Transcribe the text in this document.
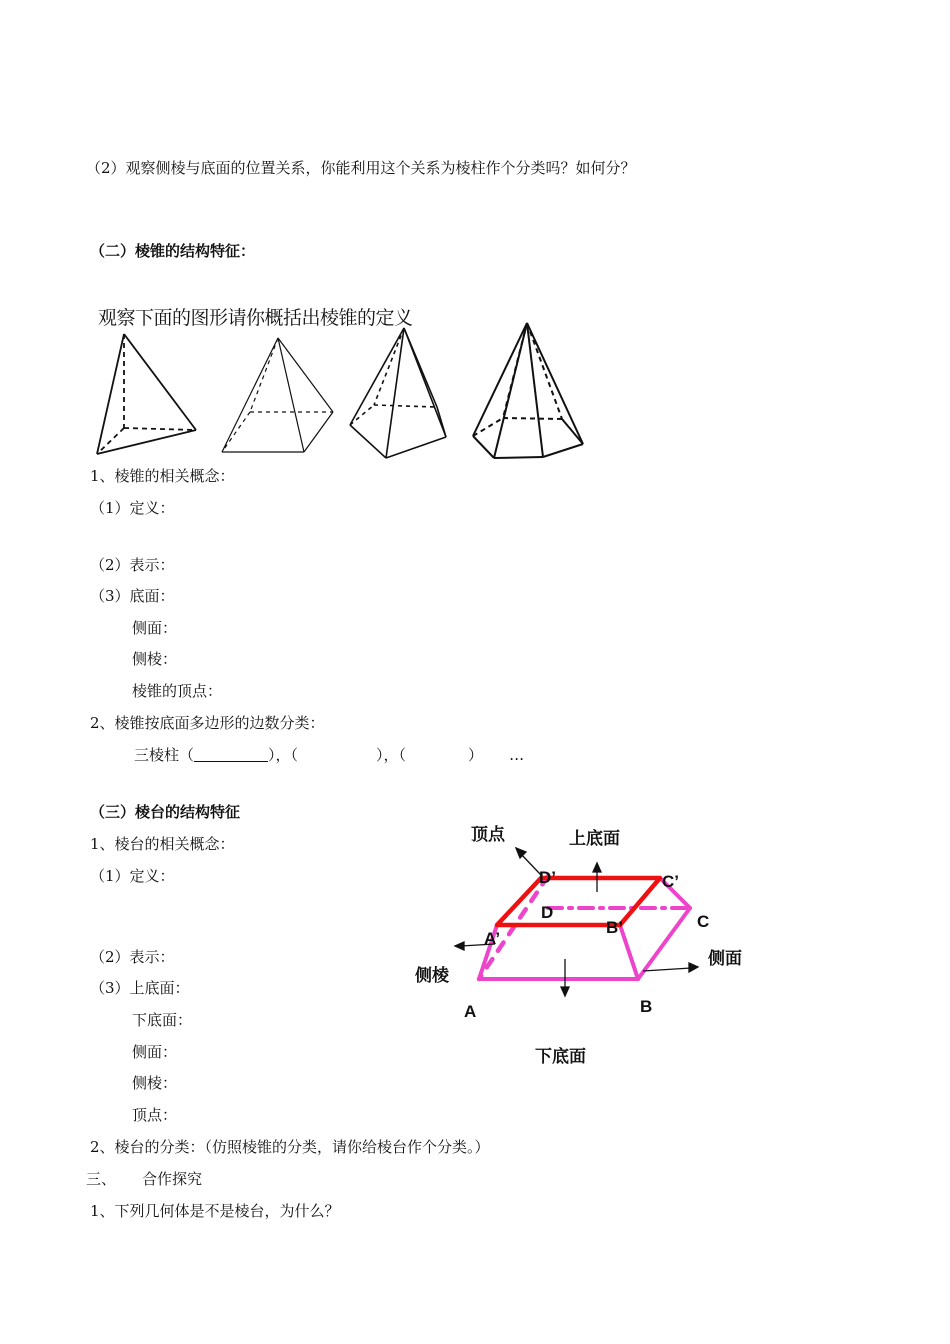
（2）观察侧棱与底面的位置关系，你能利用这个关系为棱柱作个分类吗？如何分？
（二）棱锥的结构特征：
观察下面的图形请你概括出棱锥的定义
1、棱锥的相关概念：
（1）定义：
（2）表示：
（3）底面：
侧面：
侧棱：
棱锥的顶点：
2、棱锥按底面多边形的边数分类：
三棱柱（	），（	），（	） …
（三）棱台的结构特征
1、棱台的相关概念：
（1）定义：
（2）表示：
（3）上底面：
下底面：
侧面：
侧棱：
顶点：
2、棱台的分类：（仿照棱锥的分类，请你给棱台作个分类。）
顶点	上底面
D’	C’
D	C
B’
A’
侧面
侧棱
B
A
下底面
三、 合作探究
1、下列几何体是不是棱台，为什么？
